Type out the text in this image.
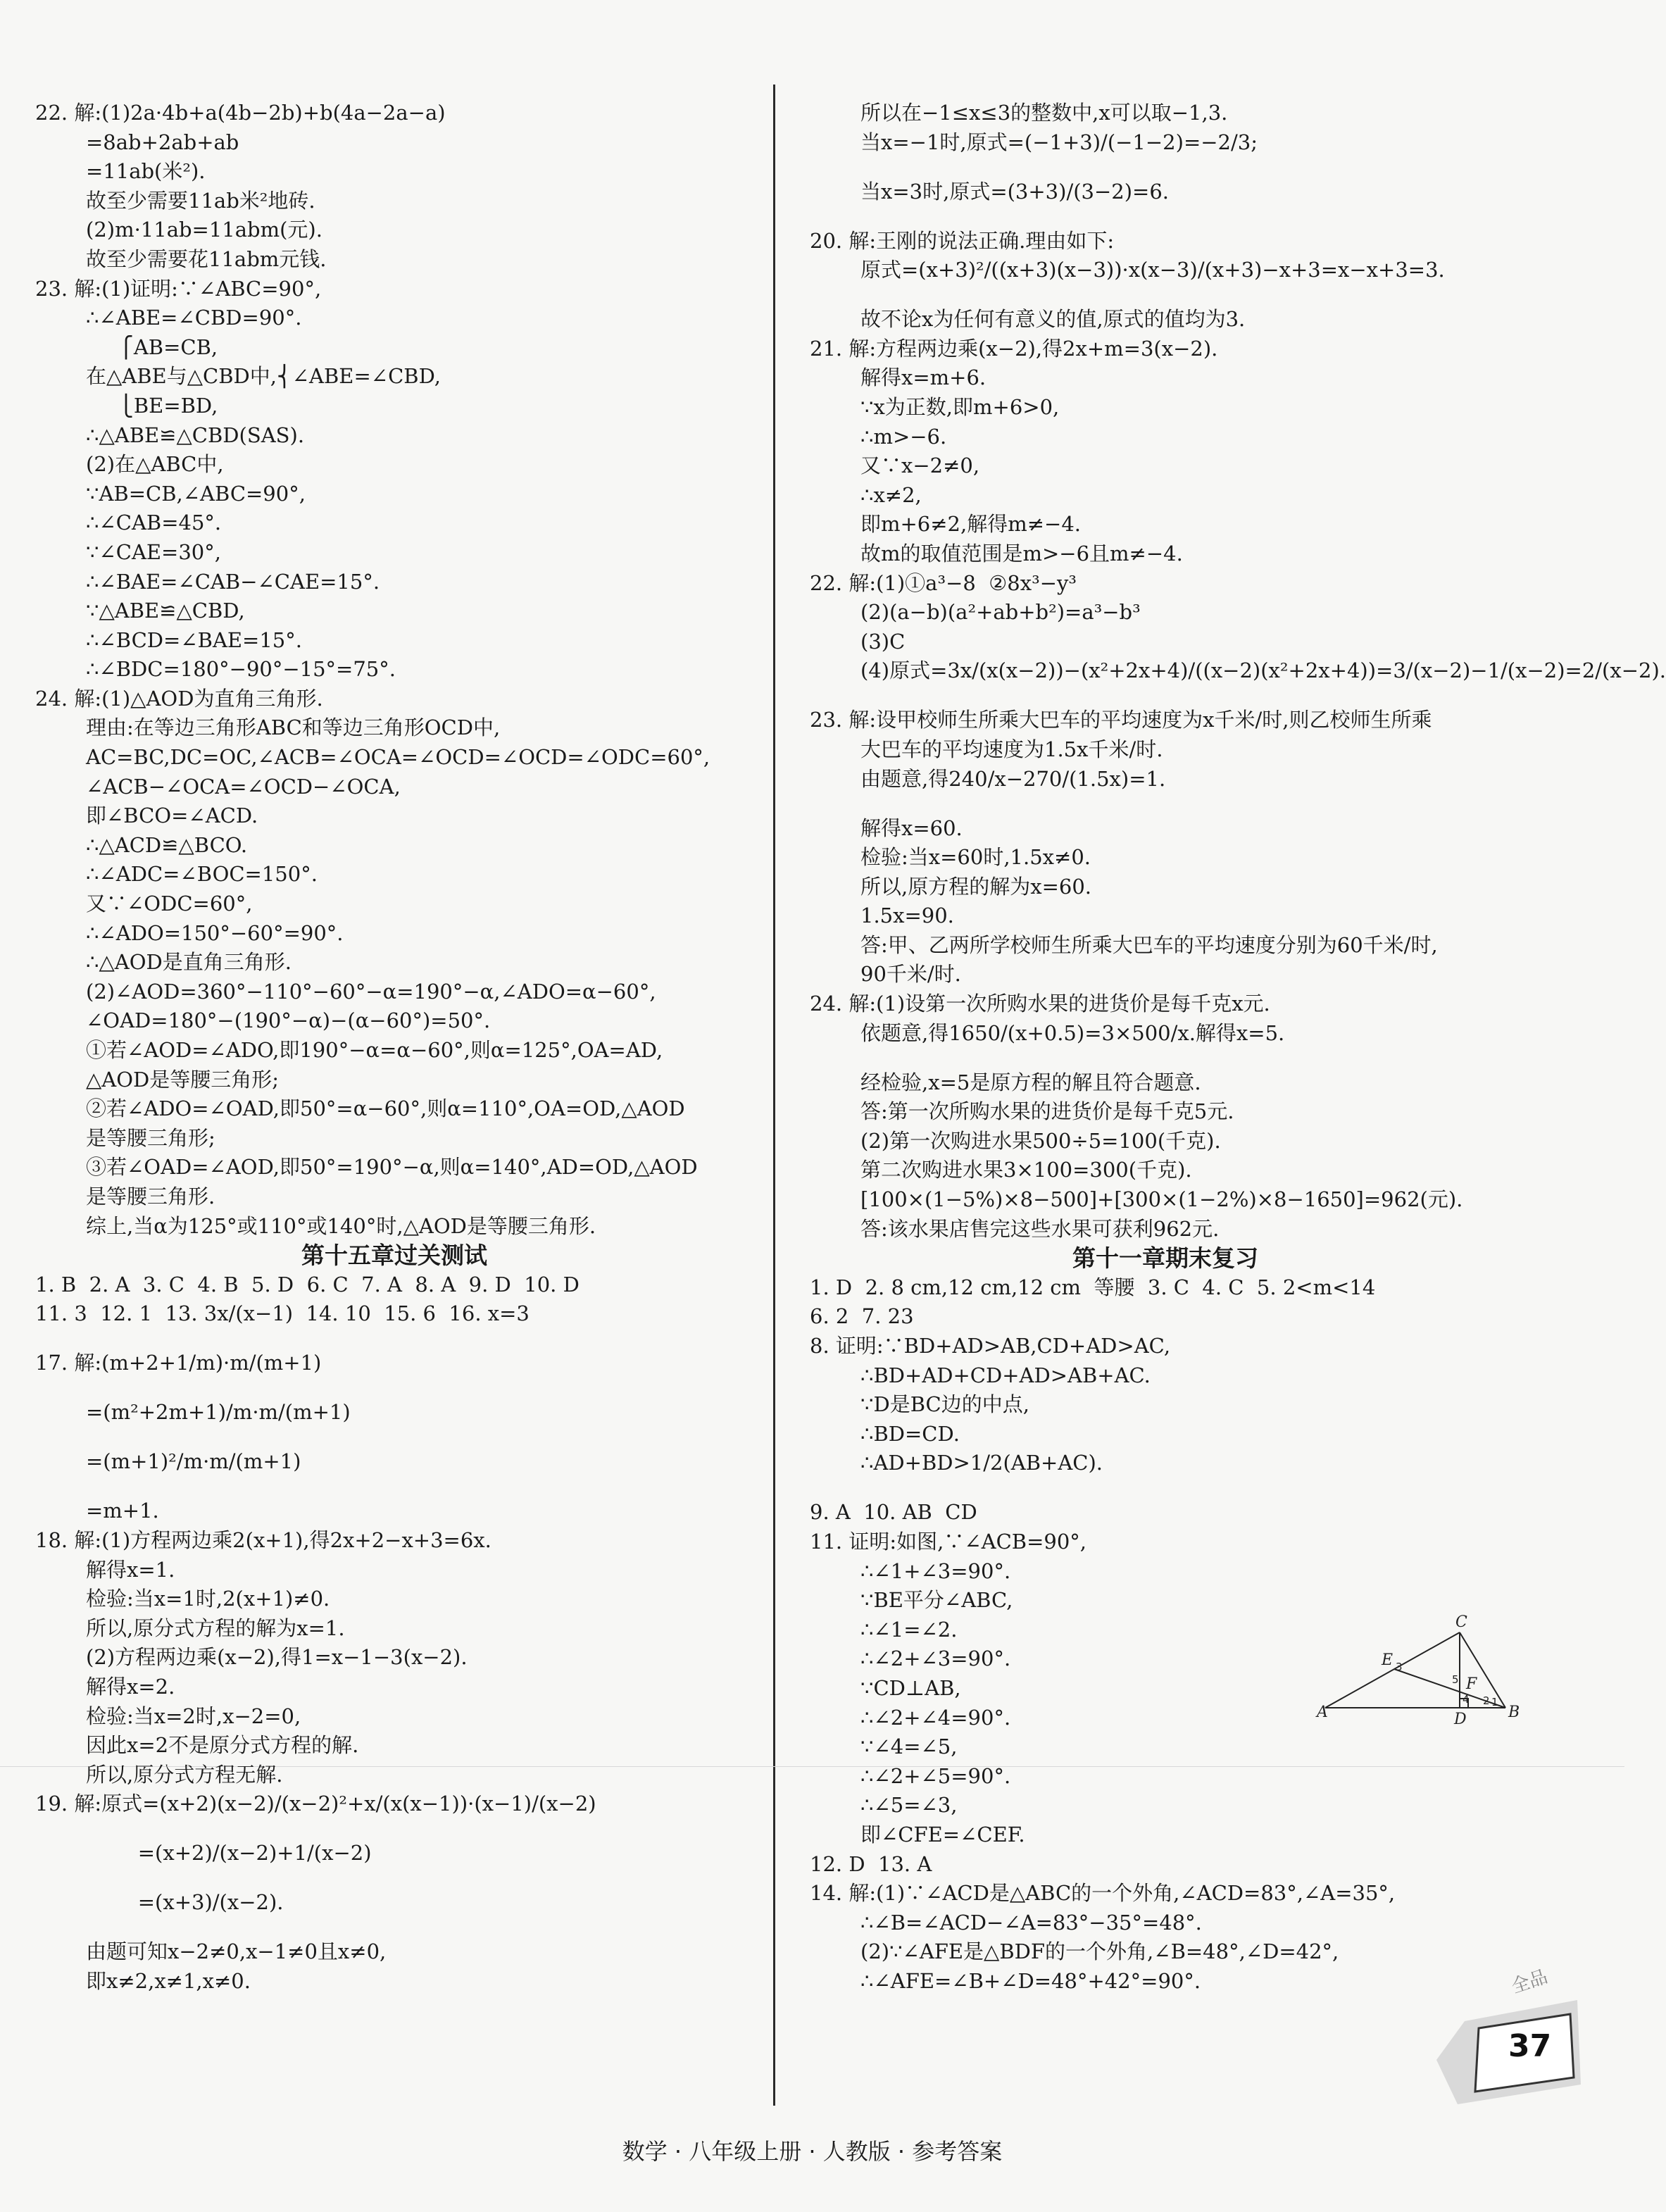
22. 解:(1)2a·4b+a(4b−2b)+b(4a−2a−a)
=8ab+2ab+ab
=11ab(米²).
故至少需要11ab米²地砖.
(2)m·11ab=11abm(元).
故至少需要花11abm元钱.
23. 解:(1)证明:∵∠ABC=90°,
∴∠ABE=∠CBD=90°.
⎧AB=CB,
在△ABE与△CBD中,⎨∠ABE=∠CBD,
⎩BE=BD,
∴△ABE≌△CBD(SAS).
(2)在△ABC中,
∵AB=CB,∠ABC=90°,
∴∠CAB=45°.
∵∠CAE=30°,
∴∠BAE=∠CAB−∠CAE=15°.
∵△ABE≌△CBD,
∴∠BCD=∠BAE=15°.
∴∠BDC=180°−90°−15°=75°.
24. 解:(1)△AOD为直角三角形.
理由:在等边三角形ABC和等边三角形OCD中,
AC=BC,DC=OC,∠ACB=∠OCA=∠OCD=∠OCD=∠ODC=60°,
∠ACB−∠OCA=∠OCD−∠OCA,
即∠BCO=∠ACD.
∴△ACD≌△BCO.
∴∠ADC=∠BOC=150°.
又∵∠ODC=60°,
∴∠ADO=150°−60°=90°.
∴△AOD是直角三角形.
(2)∠AOD=360°−110°−60°−α=190°−α,∠ADO=α−60°,
∠OAD=180°−(190°−α)−(α−60°)=50°.
①若∠AOD=∠ADO,即190°−α=α−60°,则α=125°,OA=AD,
△AOD是等腰三角形;
②若∠ADO=∠OAD,即50°=α−60°,则α=110°,OA=OD,△AOD
是等腰三角形;
③若∠OAD=∠AOD,即50°=190°−α,则α=140°,AD=OD,△AOD
是等腰三角形.
综上,当α为125°或110°或140°时,△AOD是等腰三角形.
第十五章过关测试
1. B  2. A  3. C  4. B  5. D  6. C  7. A  8. A  9. D  10. D
11. 3  12. 1  13. 3x/(x−1)  14. 10  15. 6  16. x=3
17. 解:(m+2+1/m)·m/(m+1)
=(m²+2m+1)/m·m/(m+1)
=(m+1)²/m·m/(m+1)
=m+1.
18. 解:(1)方程两边乘2(x+1),得2x+2−x+3=6x.
解得x=1.
检验:当x=1时,2(x+1)≠0.
所以,原分式方程的解为x=1.
(2)方程两边乘(x−2),得1=x−1−3(x−2).
解得x=2.
检验:当x=2时,x−2=0,
因此x=2不是原分式方程的解.
所以,原分式方程无解.
19. 解:原式=(x+2)(x−2)/(x−2)²+x/(x(x−1))·(x−1)/(x−2)
=(x+2)/(x−2)+1/(x−2)
=(x+3)/(x−2).
由题可知x−2≠0,x−1≠0且x≠0,
即x≠2,x≠1,x≠0.
所以在−1≤x≤3的整数中,x可以取−1,3.
当x=−1时,原式=(−1+3)/(−1−2)=−2/3;
当x=3时,原式=(3+3)/(3−2)=6.
20. 解:王刚的说法正确.理由如下:
原式=(x+3)²/((x+3)(x−3))·x(x−3)/(x+3)−x+3=x−x+3=3.
故不论x为任何有意义的值,原式的值均为3.
21. 解:方程两边乘(x−2),得2x+m=3(x−2).
解得x=m+6.
∵x为正数,即m+6>0,
∴m>−6.
又∵x−2≠0,
∴x≠2,
即m+6≠2,解得m≠−4.
故m的取值范围是m>−6且m≠−4.
22. 解:(1)①a³−8  ②8x³−y³
(2)(a−b)(a²+ab+b²)=a³−b³
(3)C
(4)原式=3x/(x(x−2))−(x²+2x+4)/((x−2)(x²+2x+4))=3/(x−2)−1/(x−2)=2/(x−2).
23. 解:设甲校师生所乘大巴车的平均速度为x千米/时,则乙校师生所乘
大巴车的平均速度为1.5x千米/时.
由题意,得240/x−270/(1.5x)=1.
解得x=60.
检验:当x=60时,1.5x≠0.
所以,原方程的解为x=60.
1.5x=90.
答:甲、乙两所学校师生所乘大巴车的平均速度分别为60千米/时,
90千米/时.
24. 解:(1)设第一次所购水果的进货价是每千克x元.
依题意,得1650/(x+0.5)=3×500/x.解得x=5.
经检验,x=5是原方程的解且符合题意.
答:第一次所购水果的进货价是每千克5元.
(2)第一次购进水果500÷5=100(千克).
第二次购进水果3×100=300(千克).
[100×(1−5%)×8−500]+[300×(1−2%)×8−1650]=962(元).
答:该水果店售完这些水果可获利962元.
第十一章期末复习
1. D  2. 8 cm,12 cm,12 cm  等腰  3. C  4. C  5. 2<m<14
6. 2  7. 23
8. 证明:∵BD+AD>AB,CD+AD>AC,
∴BD+AD+CD+AD>AB+AC.
∵D是BC边的中点,
∴BD=CD.
∴AD+BD>1/2(AB+AC).
9. A  10. AB  CD
11. 证明:如图,∵∠ACB=90°,
∴∠1+∠3=90°.
∵BE平分∠ABC,
∴∠1=∠2.
∴∠2+∠3=90°.
∵CD⊥AB,
∴∠2+∠4=90°.
∵∠4=∠5,
∴∠2+∠5=90°.
∴∠5=∠3,
即∠CFE=∠CEF.
12. D  13. A
14. 解:(1)∵∠ACD是△ABC的一个外角,∠ACD=83°,∠A=35°,
∴∠B=∠ACD−∠A=83°−35°=48°.
(2)∵∠AFE是△BDF的一个外角,∠B=48°,∠D=42°,
∴∠AFE=∠B+∠D=48°+42°=90°.
A	B
C
D
E
F
1
2
3
4
5
全品
37
数学 · 八年级上册 · 人教版 · 参考答案
